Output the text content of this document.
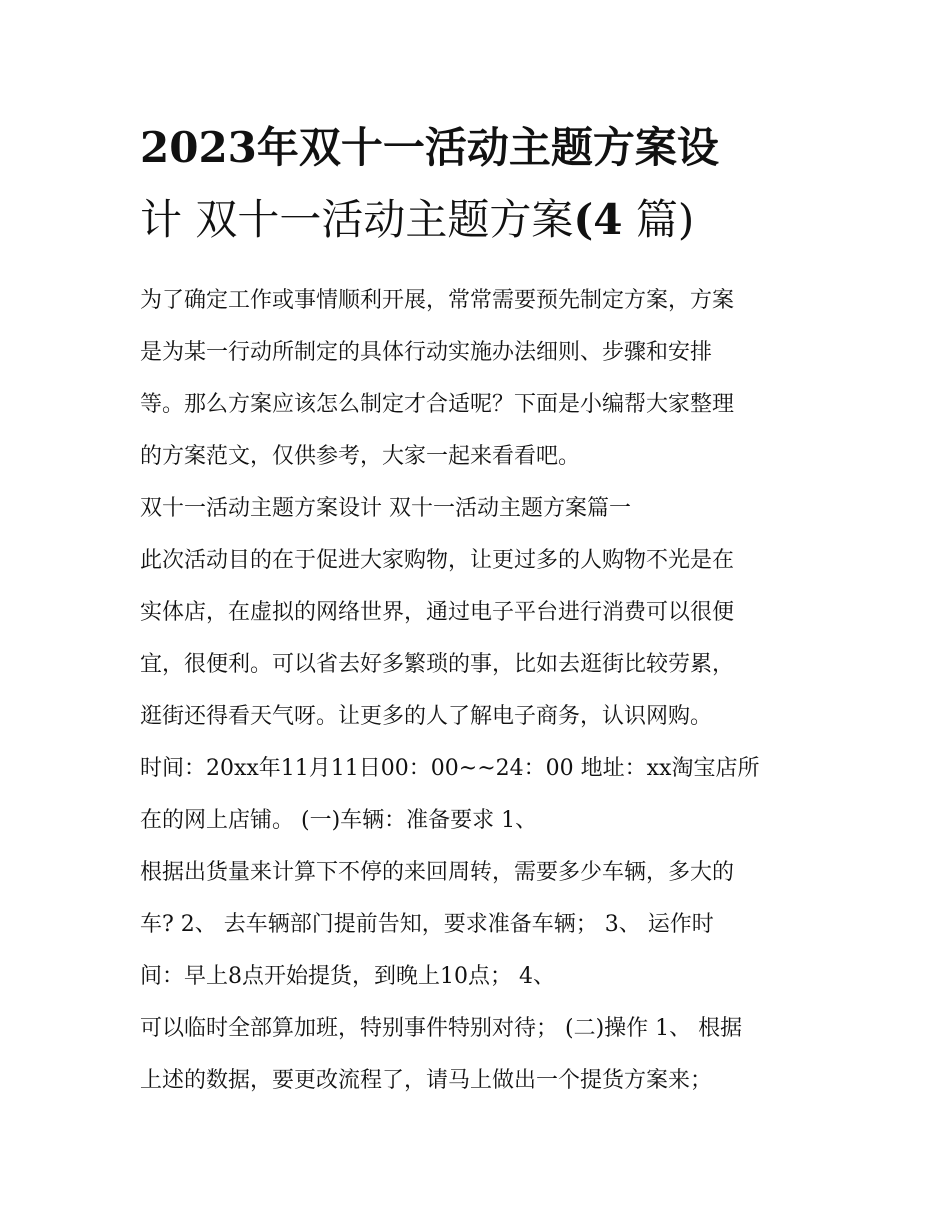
2023年双十一活动主题方案设
计 双十一活动主题方案(4 篇)
为了确定工作或事情顺利开展，常常需要预先制定方案，方案
是为某一行动所制定的具体行动实施办法细则、步骤和安排
等。那么方案应该怎么制定才合适呢？下面是小编帮大家整理
的方案范文，仅供参考，大家一起来看看吧。
双十一活动主题方案设计 双十一活动主题方案篇一
此次活动目的在于促进大家购物，让更过多的人购物不光是在
实体店，在虚拟的网络世界，通过电子平台进行消费可以很便
宜，很便利。可以省去好多繁琐的事，比如去逛街比较劳累，
逛街还得看天气呀。让更多的人了解电子商务，认识网购。
时间：20xx年11月11日00：00~~24：00 地址：xx淘宝店所
在的网上店铺。 (一)车辆：准备要求 1、
根据出货量来计算下不停的来回周转，需要多少车辆，多大的
车? 2、 去车辆部门提前告知，要求准备车辆； 3、 运作时
间：早上8点开始提货，到晚上10点； 4、
可以临时全部算加班，特别事件特别对待； (二)操作 1、 根据
上述的数据，要更改流程了，请马上做出一个提货方案来；
